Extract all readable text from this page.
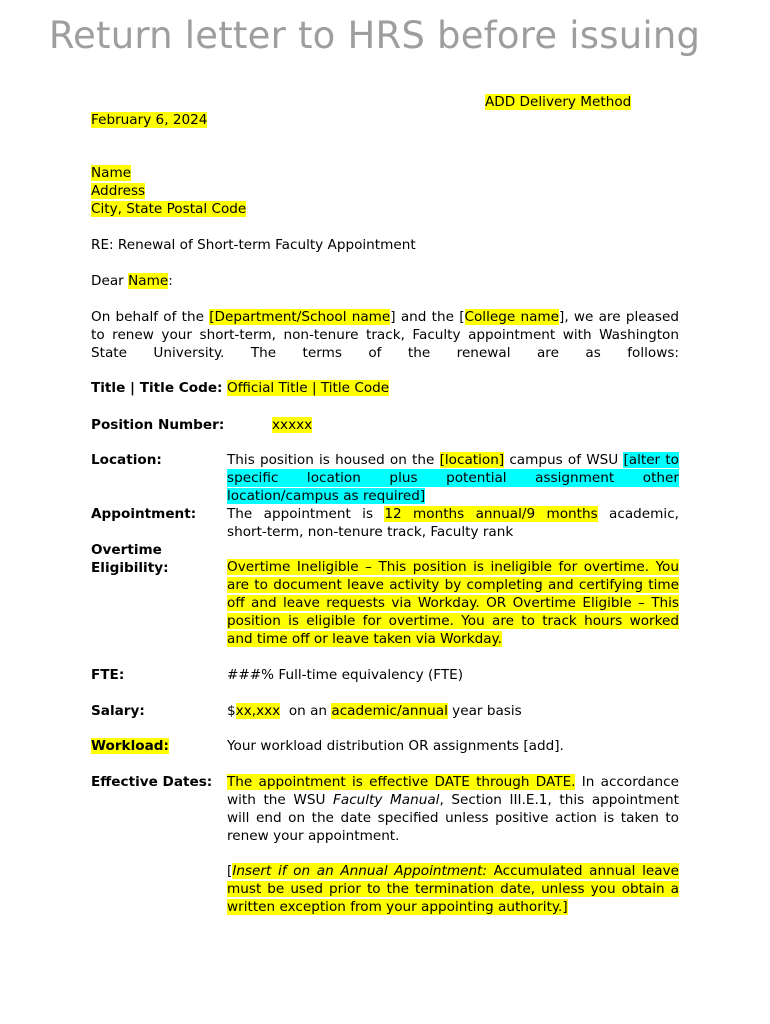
Return letter to HRS before issuing
ADD Delivery Method
February 6, 2024
Name
Address
City, State Postal Code
RE: Renewal of Short-term Faculty Appointment
Dear Name:
On behalf of the [Department/School name] and the [College name], we are pleased
to renew your short-term, non-tenure track, Faculty appointment with Washington
State University. The terms of the renewal are as follows:
Title | Title Code: Official Title | Title Code
Position Number:	xxxxx
Location:	This position is housed on the [location] campus of WSU [alter to
specific location plus potential assignment other
location/campus as required]
Appointment: The appointment is 12 months annual/9 months academic,
short-term, non-tenure track, Faculty rank
Overtime
Eligibility:	Overtime Ineligible – This position is ineligible for overtime. You
are to document leave activity by completing and certifying time
off and leave requests via Workday. OR Overtime Eligible – This
position is eligible for overtime. You are to track hours worked
and time off or leave taken via Workday.
FTE:	###% Full-time equivalency (FTE)
Salary:	$xx,xxx  on an academic/annual year basis
Workload:	Your workload distribution OR assignments [add].
Effective Dates: The appointment is effective DATE through DATE. In accordance
with the WSU Faculty Manual, Section III.E.1, this appointment
will end on the date specified unless positive action is taken to
renew your appointment.
[Insert if on an Annual Appointment: Accumulated annual leave
must be used prior to the termination date, unless you obtain a
written exception from your appointing authority.]
